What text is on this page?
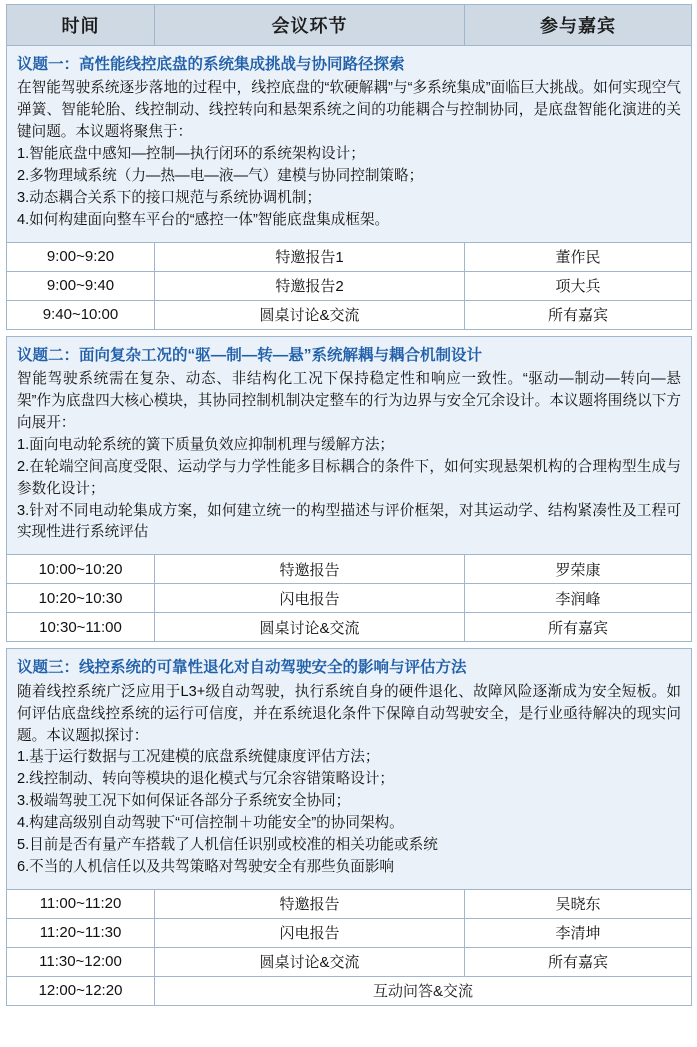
时间	会议环节	参与嘉宾

议题一：高性能线控底盘的系统集成挑战与协同路径探索

在智能驾驶系统逐步落地的过程中，线控底盘的“软硬解耦”与“多系统集成”面临巨大挑战。如何实现空气弹簧、智能轮胎、线控制动、线控转向和悬架系统之间的功能耦合与控制协同，是底盘智能化演进的关键问题。本议题将聚焦于：

1.智能底盘中感知—控制—执行闭环的系统架构设计；

2.多物理域系统（力—热—电—液—气）建模与协同控制策略；

3.动态耦合关系下的接口规范与系统协调机制；

4.如何构建面向整车平台的“感控一体”智能底盘集成框架。

9:00~9:20	特邀报告1	董作民
9:00~9:40	特邀报告2	项大兵
9:40~10:00	圆桌讨论&交流	所有嘉宾

议题二：面向复杂工况的“驱—制—转—悬”系统解耦与耦合机制设计

智能驾驶系统需在复杂、动态、非结构化工况下保持稳定性和响应一致性。“驱动—制动—转向—悬架”作为底盘四大核心模块，其协同控制机制决定整车的行为边界与安全冗余设计。本议题将围绕以下方向展开：

1.面向电动轮系统的簧下质量负效应抑制机理与缓解方法；

2.在轮端空间高度受限、运动学与力学性能多目标耦合的条件下，如何实现悬架机构的合理构型生成与参数化设计；

3.针对不同电动轮集成方案，如何建立统一的构型描述与评价框架，对其运动学、结构紧凑性及工程可实现性进行系统评估		

10:00~10:20	特邀报告	罗荣康
10:20~10:30	闪电报告	李润峰
10:30~11:00	圆桌讨论&交流	所有嘉宾

议题三：线控系统的可靠性退化对自动驾驶安全的影响与评估方法

随着线控系统广泛应用于L3+级自动驾驶，执行系统自身的硬件退化、故障风险逐渐成为安全短板。如何评估底盘线控系统的运行可信度，并在系统退化条件下保障自动驾驶安全，是行业亟待解决的现实问题。本议题拟探讨：

1.基于运行数据与工况建模的底盘系统健康度评估方法；

2.线控制动、转向等模块的退化模式与冗余容错策略设计；

3.极端驾驶工况下如何保证各部分子系统安全协同；

4.构建高级别自动驾驶下“可信控制＋功能安全”的协同架构。

5.目前是否有量产车搭载了人机信任识别或校准的相关功能或系统

6.不当的人机信任以及共驾策略对驾驶安全有那些负面影响

11:00~11:20	特邀报告	吴晓东
11:20~11:30	闪电报告	李清坤
11:30~12:00	圆桌讨论&交流	所有嘉宾
12:00~12:20	互动问答&交流	
